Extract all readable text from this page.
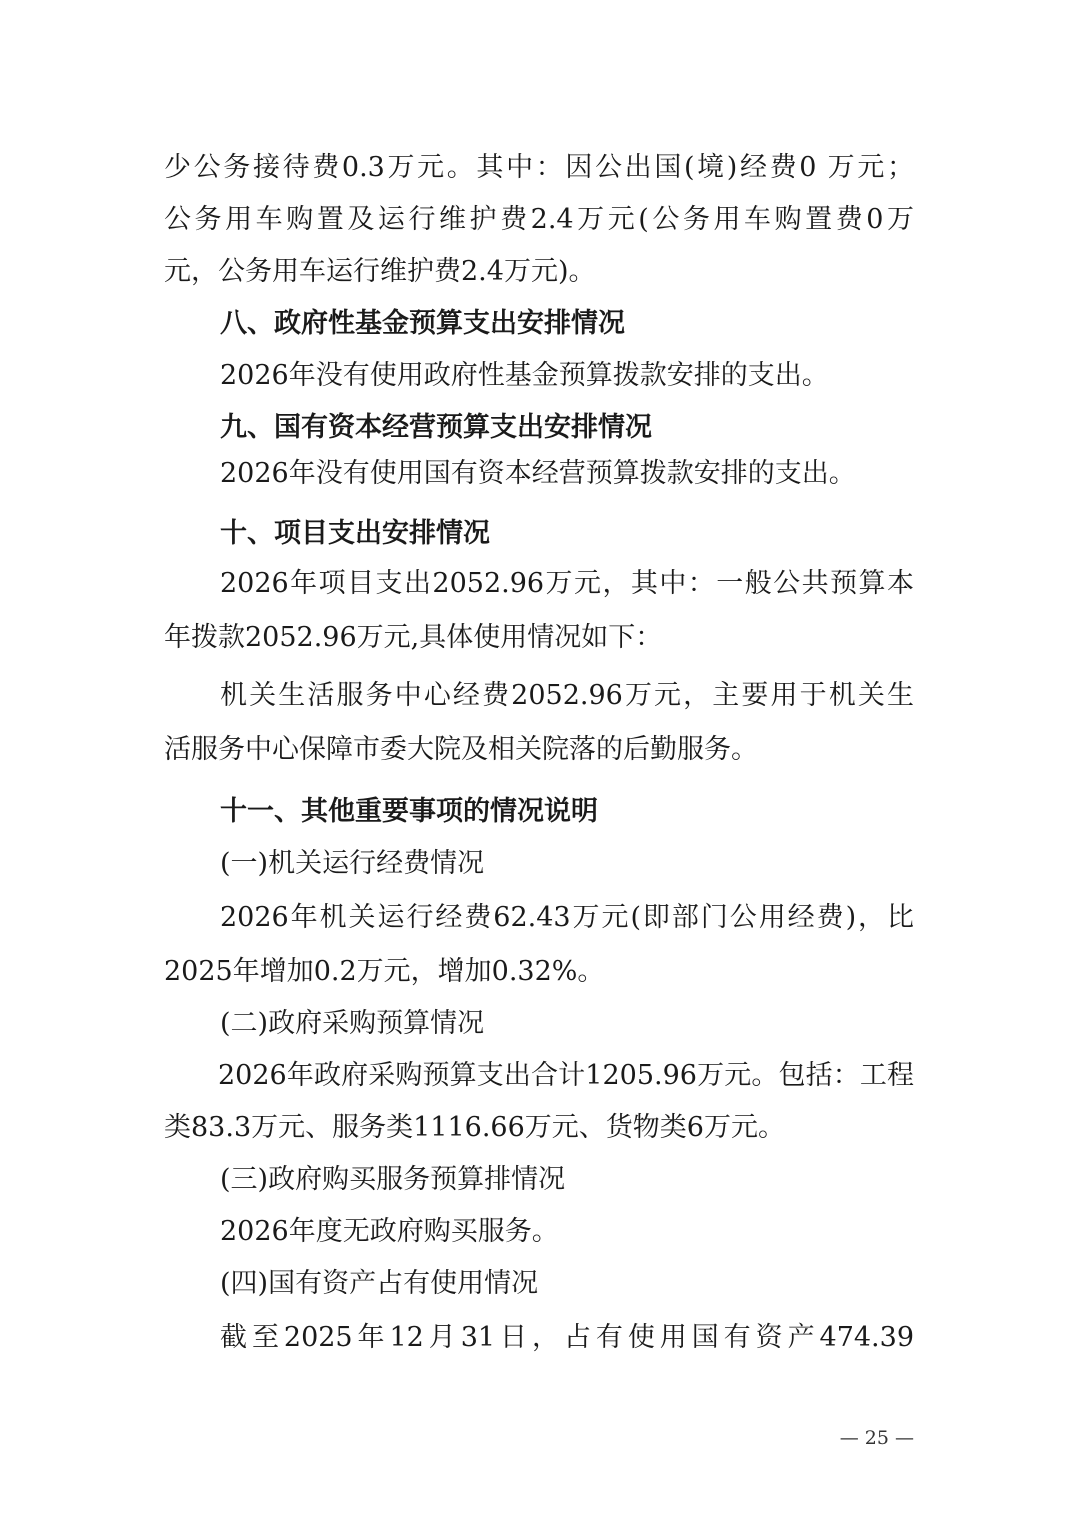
少公务接待费0.3万元。其中：因公出国(境)经费0 万元；
公务用车购置及运行维护费2.4万元(公务用车购置费0万
元，公务用车运行维护费2.4万元)。
八、政府性基金预算支出安排情况
2026年没有使用政府性基金预算拨款安排的支出。
九、国有资本经营预算支出安排情况
2026年没有使用国有资本经营预算拨款安排的支出。
十、项目支出安排情况
2026年项目支出2052.96万元，其中：一般公共预算本
年拨款2052.96万元,具体使用情况如下：
机关生活服务中心经费2052.96万元，主要用于机关生
活服务中心保障市委大院及相关院落的后勤服务。
十一、其他重要事项的情况说明
(一)机关运行经费情况
2026年机关运行经费62.43万元(即部门公用经费)，比
2025年增加0.2万元，增加0.32%。
(二)政府采购预算情况
2026年政府采购预算支出合计1205.96万元。包括：工程
类83.3万元、服务类1116.66万元、货物类6万元。
(三)政府购买服务预算排情况
2026年度无政府购买服务。
(四)国有资产占有使用情况
截至2025年12月31日，占有使用国有资产474.39
— 25 —
